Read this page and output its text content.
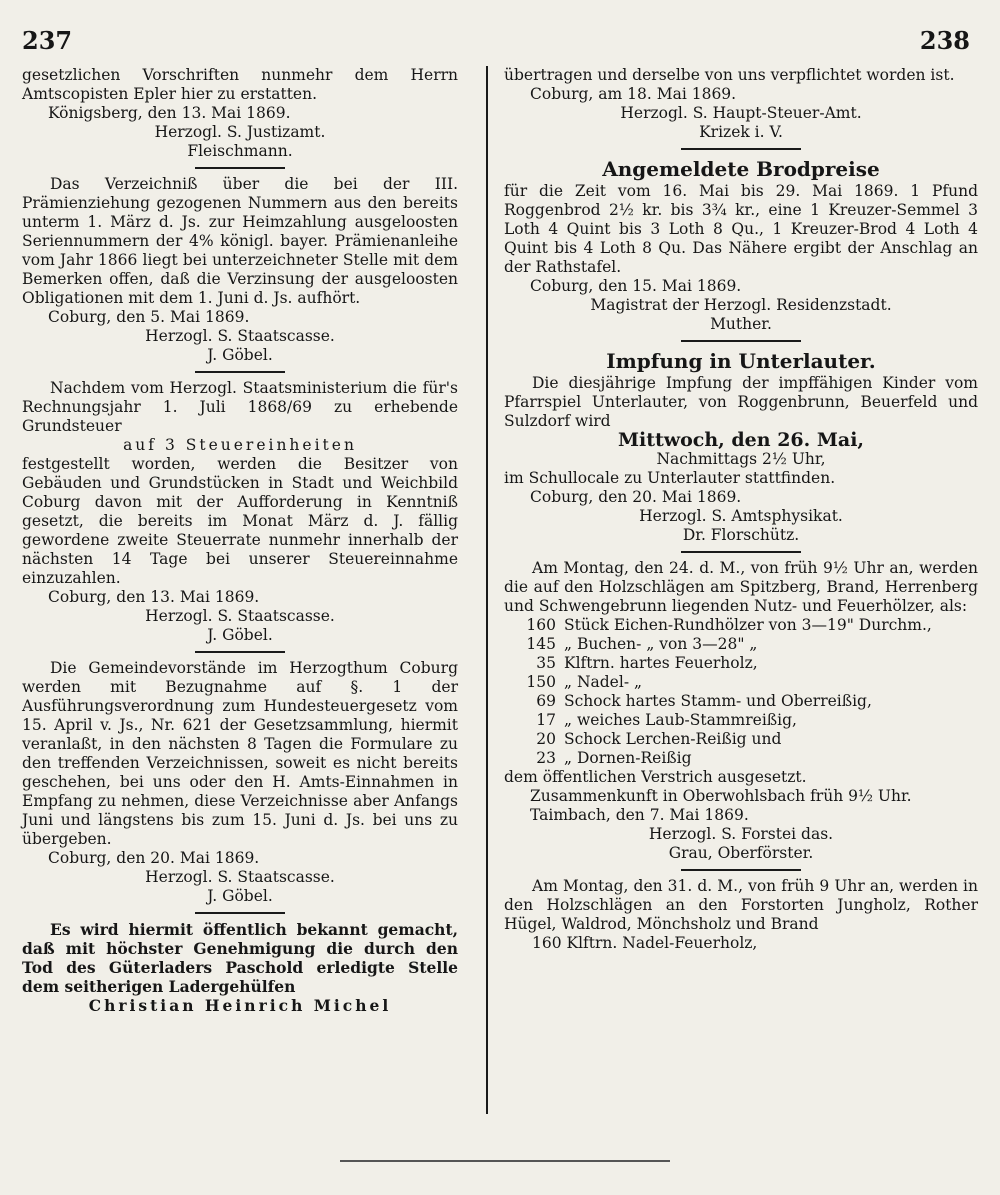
237	238

gesetzlichen Vorschriften nunmehr dem Herrn Amtscopisten Epler hier zu erstatten.

Königsberg, den 13. Mai 1869.

Herzogl. S. Justizamt.

Fleischmann.

Das Verzeichniß über die bei der III. Prämienziehung gezogenen Nummern aus den bereits unterm 1. März d. Js. zur Heimzahlung ausgeloosten Seriennummern der 4% königl. bayer. Prämienanleihe vom Jahr 1866 liegt bei unterzeichneter Stelle mit dem Bemerken offen, daß die Verzinsung der ausgeloosten Obligationen mit dem 1. Juni d. Js. aufhört.

Coburg, den 5. Mai 1869.

Herzogl. S. Staatscasse.

J. Göbel.

Nachdem vom Herzogl. Staatsministerium die für's Rechnungsjahr 1. Juli 1868/69 zu erhebende Grundsteuer

auf 3 Steuereinheiten

festgestellt worden, werden die Besitzer von Gebäuden und Grundstücken in Stadt und Weichbild Coburg davon mit der Aufforderung in Kenntniß gesetzt, die bereits im Monat März d. J. fällig gewordene zweite Steuerrate nunmehr innerhalb der nächsten 14 Tage bei unserer Steuereinnahme einzuzahlen.

Coburg, den 13. Mai 1869.

Herzogl. S. Staatscasse.

J. Göbel.

Die Gemeindevorstände im Herzogthum Coburg werden mit Bezugnahme auf §. 1 der Ausführungsverordnung zum Hundesteuergesetz vom 15. April v. Js., Nr. 621 der Gesetzsammlung, hiermit veranlaßt, in den nächsten 8 Tagen die Formulare zu den treffenden Verzeichnissen, soweit es nicht bereits geschehen, bei uns oder den H. Amts-Einnahmen in Empfang zu nehmen, diese Verzeichnisse aber Anfangs Juni und längstens bis zum 15. Juni d. Js. bei uns zu übergeben.

Coburg, den 20. Mai 1869.

Herzogl. S. Staatscasse.

J. Göbel.

Es wird hiermit öffentlich bekannt gemacht, daß mit höchster Genehmigung die durch den Tod des Güterladers Paschold erledigte Stelle dem seitherigen Ladergehülfen

Christian Heinrich Michel

übertragen und derselbe von uns verpflichtet worden ist.

Coburg, am 18. Mai 1869.

Herzogl. S. Haupt-Steuer-Amt.

Krizek i. V.

Angemeldete Brodpreise

für die Zeit vom 16. Mai bis 29. Mai 1869. 1 Pfund Roggenbrod 2½ kr. bis 3¾ kr., eine 1 Kreuzer-Semmel 3 Loth 4 Quint bis 3 Loth 8 Qu., 1 Kreuzer-Brod 4 Loth 4 Quint bis 4 Loth 8 Qu. Das Nähere ergibt der Anschlag an der Rathstafel.

Coburg, den 15. Mai 1869.

Magistrat der Herzogl. Residenzstadt.

Muther.

Impfung in Unterlauter.

Die diesjährige Impfung der impffähigen Kinder vom Pfarrspiel Unterlauter, von Roggenbrunn, Beuerfeld und Sulzdorf wird

Mittwoch, den 26. Mai,

Nachmittags 2½ Uhr,

im Schullocale zu Unterlauter stattfinden.

Coburg, den 20. Mai 1869.

Herzogl. S. Amtsphysikat.

Dr. Florschütz.

Am Montag, den 24. d. M., von früh 9½ Uhr an, werden die auf den Holzschlägen am Spitzberg, Brand, Herrenberg und Schwengebrunn liegenden Nutz- und Feuerhölzer, als:

160	Stück Eichen-Rundhölzer von 3—19" Durchm.,
145	„ Buchen- „ von 3—28" „
35	Klftrn. hartes Feuerholz,
150	„ Nadel- „
69	Schock hartes Stamm- und Oberreißig,
17	„ weiches Laub-Stammreißig,
20	Schock Lerchen-Reißig und
23	„ Dornen-Reißig

dem öffentlichen Verstrich ausgesetzt.

Zusammenkunft in Oberwohlsbach früh 9½ Uhr.

Taimbach, den 7. Mai 1869.

Herzogl. S. Forstei das.

Grau, Oberförster.

Am Montag, den 31. d. M., von früh 9 Uhr an, werden in den Holzschlägen an den Forstorten Jungholz, Rother Hügel, Waldrod, Mönchsholz und Brand

160 Klftrn. Nadel-Feuerholz,
